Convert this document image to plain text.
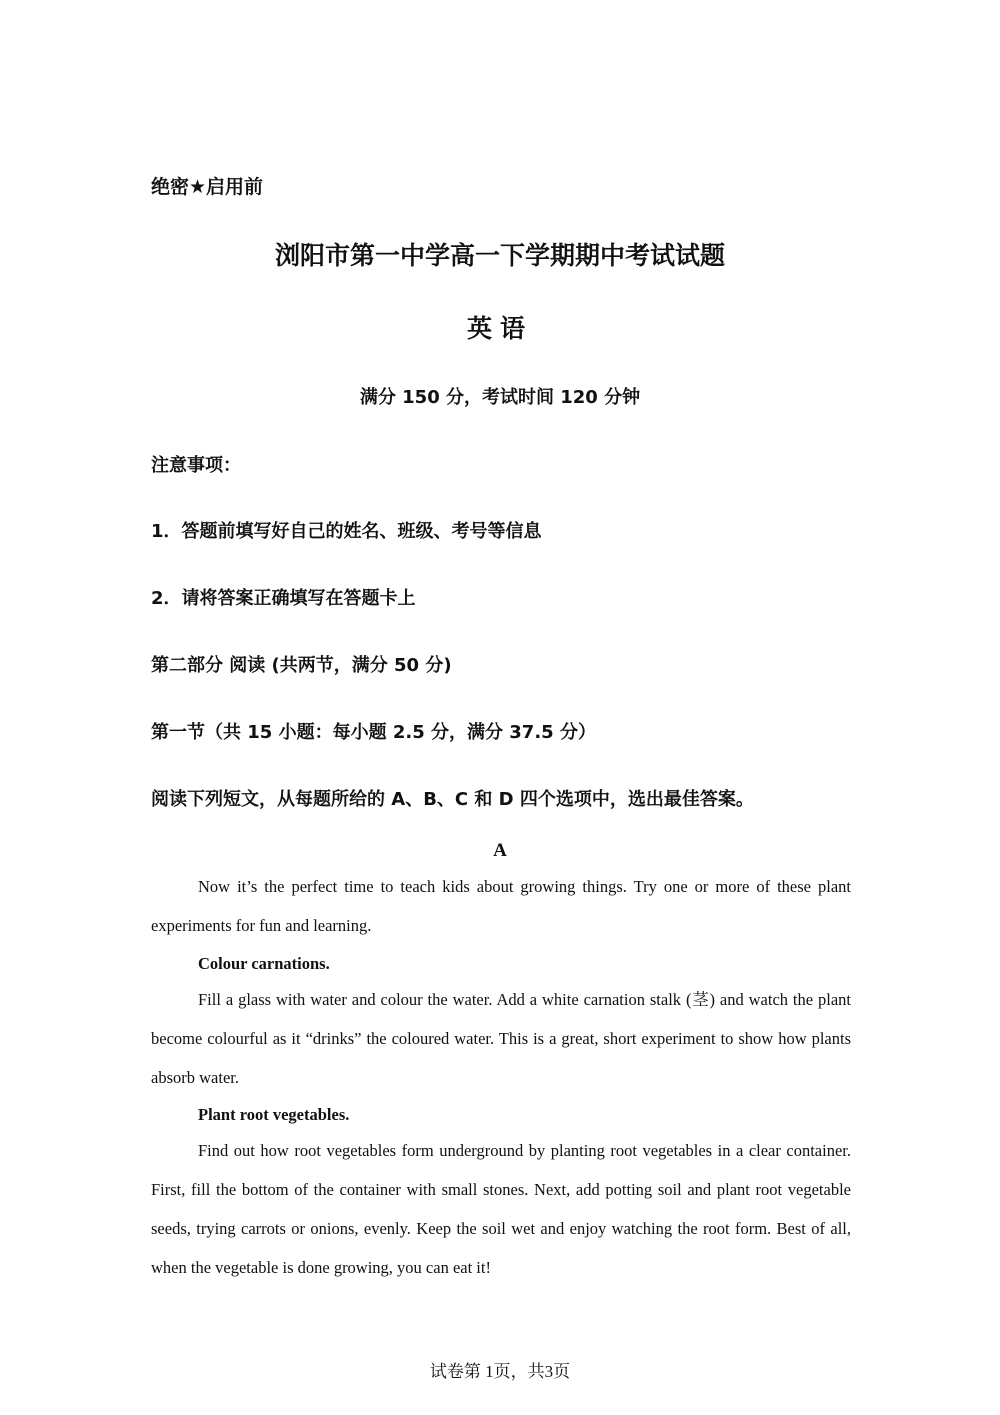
绝密★启用前
浏阳市第一中学高一下学期期中考试试题
英语
满分 150 分，考试时间 120 分钟
注意事项：
1．答题前填写好自己的姓名、班级、考号等信息
2．请将答案正确填写在答题卡上
第二部分 阅读 (共两节，满分 50 分)
第一节（共 15 小题：每小题 2.5 分，满分 37.5 分）
阅读下列短文，从每题所给的 A、B、C 和 D 四个选项中，选出最佳答案。
A

Now it’s the perfect time to teach kids about growing things. Try one or more of these plant experiments for fun and learning.

Colour carnations.

Fill a glass with water and colour the water. Add a white carnation stalk (茎) and watch the plant become colourful as it “drinks” the coloured water. This is a great, short experiment to show how plants absorb water.

Plant root vegetables.

Find out how root vegetables form underground by planting root vegetables in a clear container. First, fill the bottom of the container with small stones. Next, add potting soil and plant root vegetable seeds, trying carrots or onions, evenly. Keep the soil wet and enjoy watching the root form. Best of all, when the vegetable is done growing, you can eat it!

试卷第 1页，共3页
